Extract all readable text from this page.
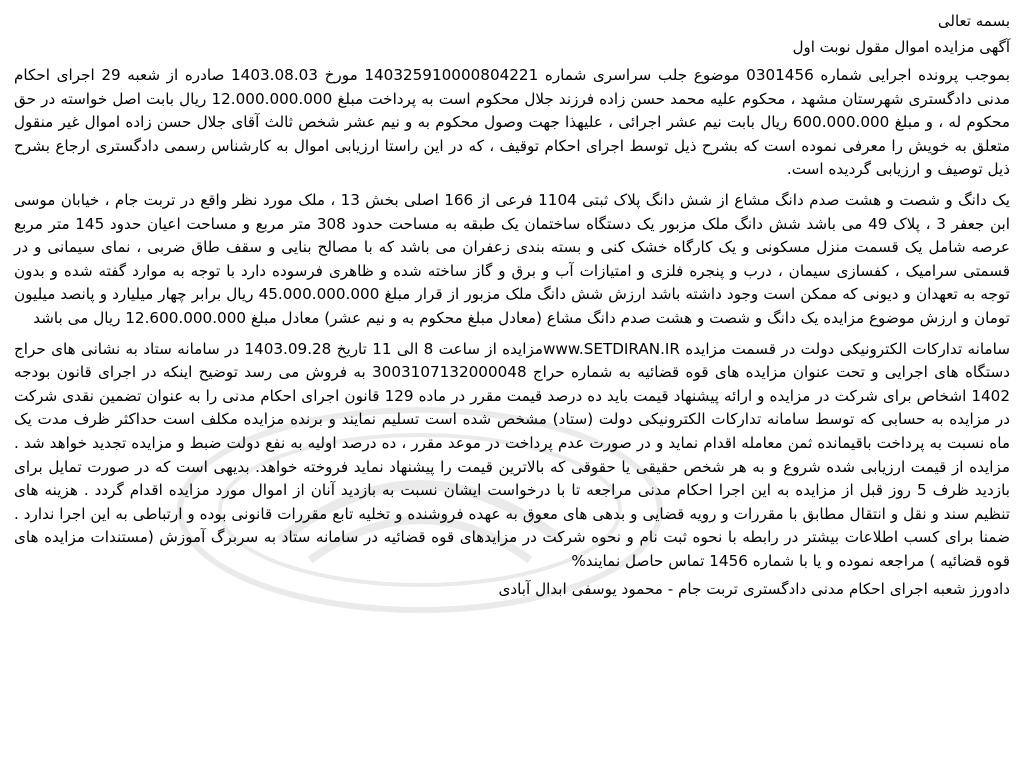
بسمه تعالی
آگهی مزایده اموال مقول نوبت اول

بموجب پرونده اجرایی شماره 0301456 موضوع جلب سراسری شماره 140325910000804221 مورخ 1403.08.03 صادره از شعبه 29 اجرای احکام مدنی دادگستری شهرستان مشهد ، محکوم علیه محمد حسن زاده فرزند جلال محکوم است به پرداخت مبلغ 12.000.000.000 ریال بابت اصل خواسته در حق محکوم له ، و مبلغ 600.000.000 ریال بابت نیم عشر اجرائی ، علیهذا جهت وصول محکوم به و نیم عشر شخص ثالث آقای جلال حسن زاده اموال غیر منقول متعلق به خویش را معرفی نموده است که بشرح ذیل توسط اجرای احکام توقیف ، که در این راستا ارزیابی اموال به کارشناس رسمی دادگستری ارجاع بشرح ذیل توصیف و ارزیابی گردیده است.

یک دانگ و شصت و هشت صدم دانگ مشاع از شش دانگ پلاک ثبتی 1104 فرعی از 166 اصلی بخش 13 ، ملک مورد نظر واقع در تربت جام ، خیابان موسی ابن جعفر 3 ، پلاک 49 می باشد شش دانگ ملک مزبور یک دستگاه ساختمان یک طبقه به مساحت حدود 308 متر مربع و مساحت اعیان حدود 145 متر مربع عرصه شامل یک قسمت منزل مسکونی و یک کارگاه خشک کنی و بسته بندی زعفران می باشد که با مصالح بنایی و سقف طاق ضربی ، نمای سیمانی و در قسمتی سرامیک ، کفسازی سیمان ، درب و پنجره فلزی و امتیازات آب و برق و گاز ساخته شده و ظاهری فرسوده دارد با توجه به موارد گفته شده و بدون توجه به تعهدان و دیونی که ممکن است وجود داشته باشد ارزش شش دانگ ملک مزبور از قرار مبلغ 45.000.000.000 ریال برابر چهار میلیارد و پانصد میلیون تومان و ارزش موضوع مزایده یک دانگ و شصت و هشت صدم دانگ مشاع (معادل مبلغ محکوم به و نیم عشر) معادل مبلغ 12.600.000.000 ریال می باشد

سامانه تدارکات الکترونیکی دولت در قسمت مزایده www.SETDIRAN.IRمزایده از ساعت 8 الی 11 تاریخ 1403.09.28 در سامانه ستاد به نشانی های حراج دستگاه های اجرایی و تحت عنوان مزایده های قوه قضائیه به شماره حراج 3003107132000048 به فروش می رسد توضیح اینکه در اجرای قانون بودجه 1402 اشخاص برای شرکت در مزایده و ارائه پیشنهاد قیمت باید ده درصد قیمت مقرر در ماده 129 قانون اجرای احکام مدنی را به عنوان تضمین نقدی شرکت در مزایده به حسابی که توسط سامانه تدارکات الکترونیکی دولت (ستاد) مشخص شده است تسلیم نمایند و برنده مزایده مکلف است حداکثر ظرف مدت یک ماه نسبت به پرداخت باقیمانده ثمن معامله اقدام نماید و در صورت عدم پرداخت در موعد مقرر ، ده درصد اولیه به نفع دولت ضبط و مزایده تجدید خواهد شد . مزایده از قیمت ارزیابی شده شروع و به هر شخص حقیقی یا حقوقی که بالاترین قیمت را پیشنهاد نماید فروخته خواهد. بدیهی است که در صورت تمایل برای بازدید ظرف 5 روز قبل از مزایده به این اجرا احکام مدنی مراجعه تا با درخواست ایشان نسبت به بازدید آنان از اموال مورد مزایده اقدام گردد . هزینه های تنظیم سند و نقل و انتقال مطابق با مقررات و رویه قضایی و بدهی های معوق به عهده فروشنده و تخلیه تابع مقررات قانونی بوده و ارتباطی به این اجرا ندارد . ضمنا برای کسب اطلاعات بیشتر در رابطه با نحوه ثبت نام و نحوه شرکت در مزایدهای قوه قضائیه در سامانه ستاد به سربرگ آموزش (مستندات مزایده های قوه قضائیه ) مراجعه نموده و یا با شماره 1456 تماس حاصل نمایند%

دادورز شعبه اجرای احکام مدنی دادگستری تربت جام - محمود یوسفی ابدال آبادی
